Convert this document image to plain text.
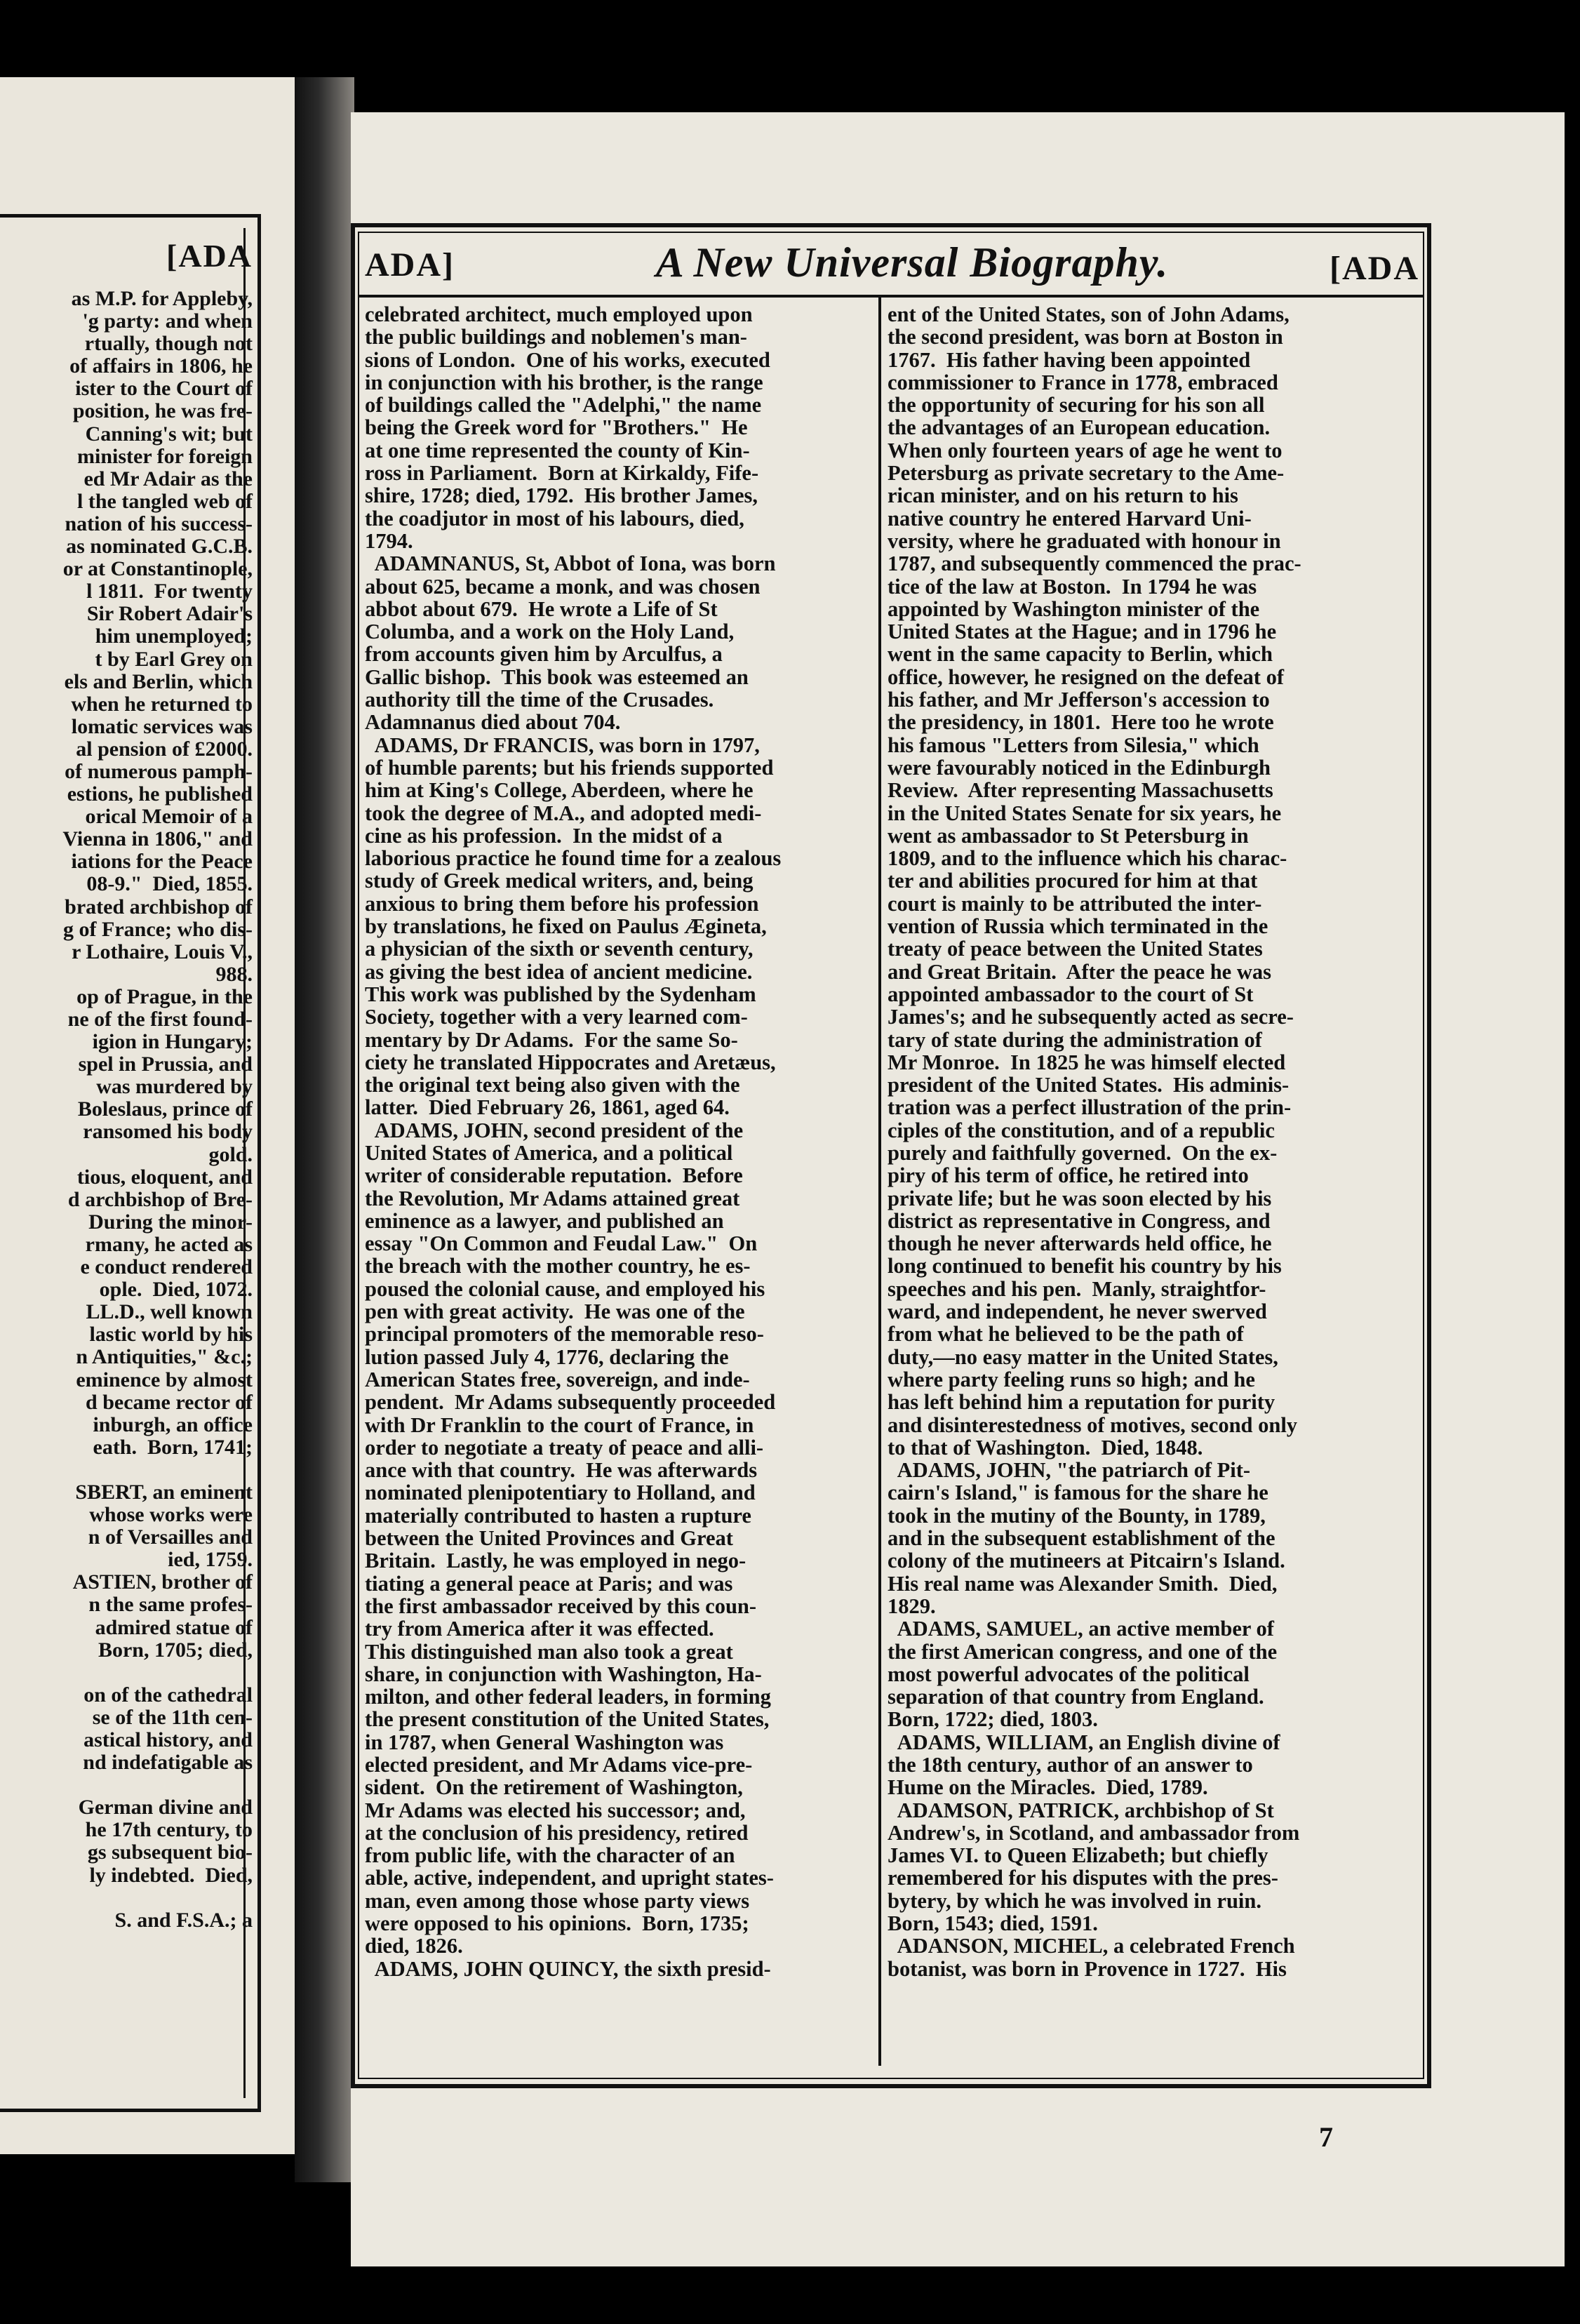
[ADA
as M.P. for Appleby,
'g party: and when
rtually, though not
of affairs in 1806, he
ister to the Court of
position, he was fre-
Canning's wit; but
minister for foreign
ed Mr Adair as the
l the tangled web of
nation of his success-
as nominated G.C.B.
or at Constantinople,
l 1811.  For twenty
Sir Robert Adair's
him unemployed;
t by Earl Grey on
els and Berlin, which
when he returned to
lomatic services was
al pension of £2000.
of numerous pamph-
estions, he published
orical Memoir of a
Vienna in 1806," and
iations for the Peace
08-9."  Died, 1855.
brated archbishop of
g of France; who dis-
r Lothaire, Louis V.,
988.
op of Prague, in the
ne of the first found-
igion in Hungary;
spel in Prussia, and
was murdered by
Boleslaus, prince of
ransomed his body
gold.
tious, eloquent, and
d archbishop of Bre-
During the minor-
rmany, he acted as
e conduct rendered
ople.  Died, 1072.
LL.D., well known
lastic world by his
n Antiquities," &c.;
eminence by almost
d became rector of
inburgh, an office
eath.  Born, 1741;

SBERT, an eminent
whose works were
n of Versailles and
ied, 1759.
ASTIEN, brother of
n the same profes-
admired statue of
Born, 1705; died,

on of the cathedral
se of the 11th cen-
astical history, and
nd indefatigable as

German divine and
he 17th century, to
gs subsequent bio-
ly indebted.  Died,

S. and F.S.A.; a
ADA]	A New Universal Biography.	[ADA
celebrated architect, much employed upon
the public buildings and noblemen's man-
sions of London.  One of his works, executed
in conjunction with his brother, is the range
of buildings called the "Adelphi," the name
being the Greek word for "Brothers."  He
at one time represented the county of Kin-
ross in Parliament.  Born at Kirkaldy, Fife-
shire, 1728; died, 1792.  His brother James,
the coadjutor in most of his labours, died,
1794.
ADAMNANUS, St, Abbot of Iona, was born
about 625, became a monk, and was chosen
abbot about 679.  He wrote a Life of St
Columba, and a work on the Holy Land,
from accounts given him by Arculfus, a
Gallic bishop.  This book was esteemed an
authority till the time of the Crusades.
Adamnanus died about 704.
ADAMS, Dr FRANCIS, was born in 1797,
of humble parents; but his friends supported
him at King's College, Aberdeen, where he
took the degree of M.A., and adopted medi-
cine as his profession.  In the midst of a
laborious practice he found time for a zealous
study of Greek medical writers, and, being
anxious to bring them before his profession
by translations, he fixed on Paulus Ægineta,
a physician of the sixth or seventh century,
as giving the best idea of ancient medicine.
This work was published by the Sydenham
Society, together with a very learned com-
mentary by Dr Adams.  For the same So-
ciety he translated Hippocrates and Aretæus,
the original text being also given with the
latter.  Died February 26, 1861, aged 64.
ADAMS, JOHN, second president of the
United States of America, and a political
writer of considerable reputation.  Before
the Revolution, Mr Adams attained great
eminence as a lawyer, and published an
essay "On Common and Feudal Law."  On
the breach with the mother country, he es-
poused the colonial cause, and employed his
pen with great activity.  He was one of the
principal promoters of the memorable reso-
lution passed July 4, 1776, declaring the
American States free, sovereign, and inde-
pendent.  Mr Adams subsequently proceeded
with Dr Franklin to the court of France, in
order to negotiate a treaty of peace and alli-
ance with that country.  He was afterwards
nominated plenipotentiary to Holland, and
materially contributed to hasten a rupture
between the United Provinces and Great
Britain.  Lastly, he was employed in nego-
tiating a general peace at Paris; and was
the first ambassador received by this coun-
try from America after it was effected.
This distinguished man also took a great
share, in conjunction with Washington, Ha-
milton, and other federal leaders, in forming
the present constitution of the United States,
in 1787, when General Washington was
elected president, and Mr Adams vice-pre-
sident.  On the retirement of Washington,
Mr Adams was elected his successor; and,
at the conclusion of his presidency, retired
from public life, with the character of an
able, active, independent, and upright states-
man, even among those whose party views
were opposed to his opinions.  Born, 1735;
died, 1826.
ADAMS, JOHN QUINCY, the sixth presid-
ent of the United States, son of John Adams,
the second president, was born at Boston in
1767.  His father having been appointed
commissioner to France in 1778, embraced
the opportunity of securing for his son all
the advantages of an European education.
When only fourteen years of age he went to
Petersburg as private secretary to the Ame-
rican minister, and on his return to his
native country he entered Harvard Uni-
versity, where he graduated with honour in
1787, and subsequently commenced the prac-
tice of the law at Boston.  In 1794 he was
appointed by Washington minister of the
United States at the Hague; and in 1796 he
went in the same capacity to Berlin, which
office, however, he resigned on the defeat of
his father, and Mr Jefferson's accession to
the presidency, in 1801.  Here too he wrote
his famous "Letters from Silesia," which
were favourably noticed in the Edinburgh
Review.  After representing Massachusetts
in the United States Senate for six years, he
went as ambassador to St Petersburg in
1809, and to the influence which his charac-
ter and abilities procured for him at that
court is mainly to be attributed the inter-
vention of Russia which terminated in the
treaty of peace between the United States
and Great Britain.  After the peace he was
appointed ambassador to the court of St
James's; and he subsequently acted as secre-
tary of state during the administration of
Mr Monroe.  In 1825 he was himself elected
president of the United States.  His adminis-
tration was a perfect illustration of the prin-
ciples of the constitution, and of a republic
purely and faithfully governed.  On the ex-
piry of his term of office, he retired into
private life; but he was soon elected by his
district as representative in Congress, and
though he never afterwards held office, he
long continued to benefit his country by his
speeches and his pen.  Manly, straightfor-
ward, and independent, he never swerved
from what he believed to be the path of
duty,—no easy matter in the United States,
where party feeling runs so high; and he
has left behind him a reputation for purity
and disinterestedness of motives, second only
to that of Washington.  Died, 1848.
ADAMS, JOHN, "the patriarch of Pit-
cairn's Island," is famous for the share he
took in the mutiny of the Bounty, in 1789,
and in the subsequent establishment of the
colony of the mutineers at Pitcairn's Island.
His real name was Alexander Smith.  Died,
1829.
ADAMS, SAMUEL, an active member of
the first American congress, and one of the
most powerful advocates of the political
separation of that country from England.
Born, 1722; died, 1803.
ADAMS, WILLIAM, an English divine of
the 18th century, author of an answer to
Hume on the Miracles.  Died, 1789.
ADAMSON, PATRICK, archbishop of St
Andrew's, in Scotland, and ambassador from
James VI. to Queen Elizabeth; but chiefly
remembered for his disputes with the pres-
bytery, by which he was involved in ruin.
Born, 1543; died, 1591.
ADANSON, MICHEL, a celebrated French
botanist, was born in Provence in 1727.  His
7
